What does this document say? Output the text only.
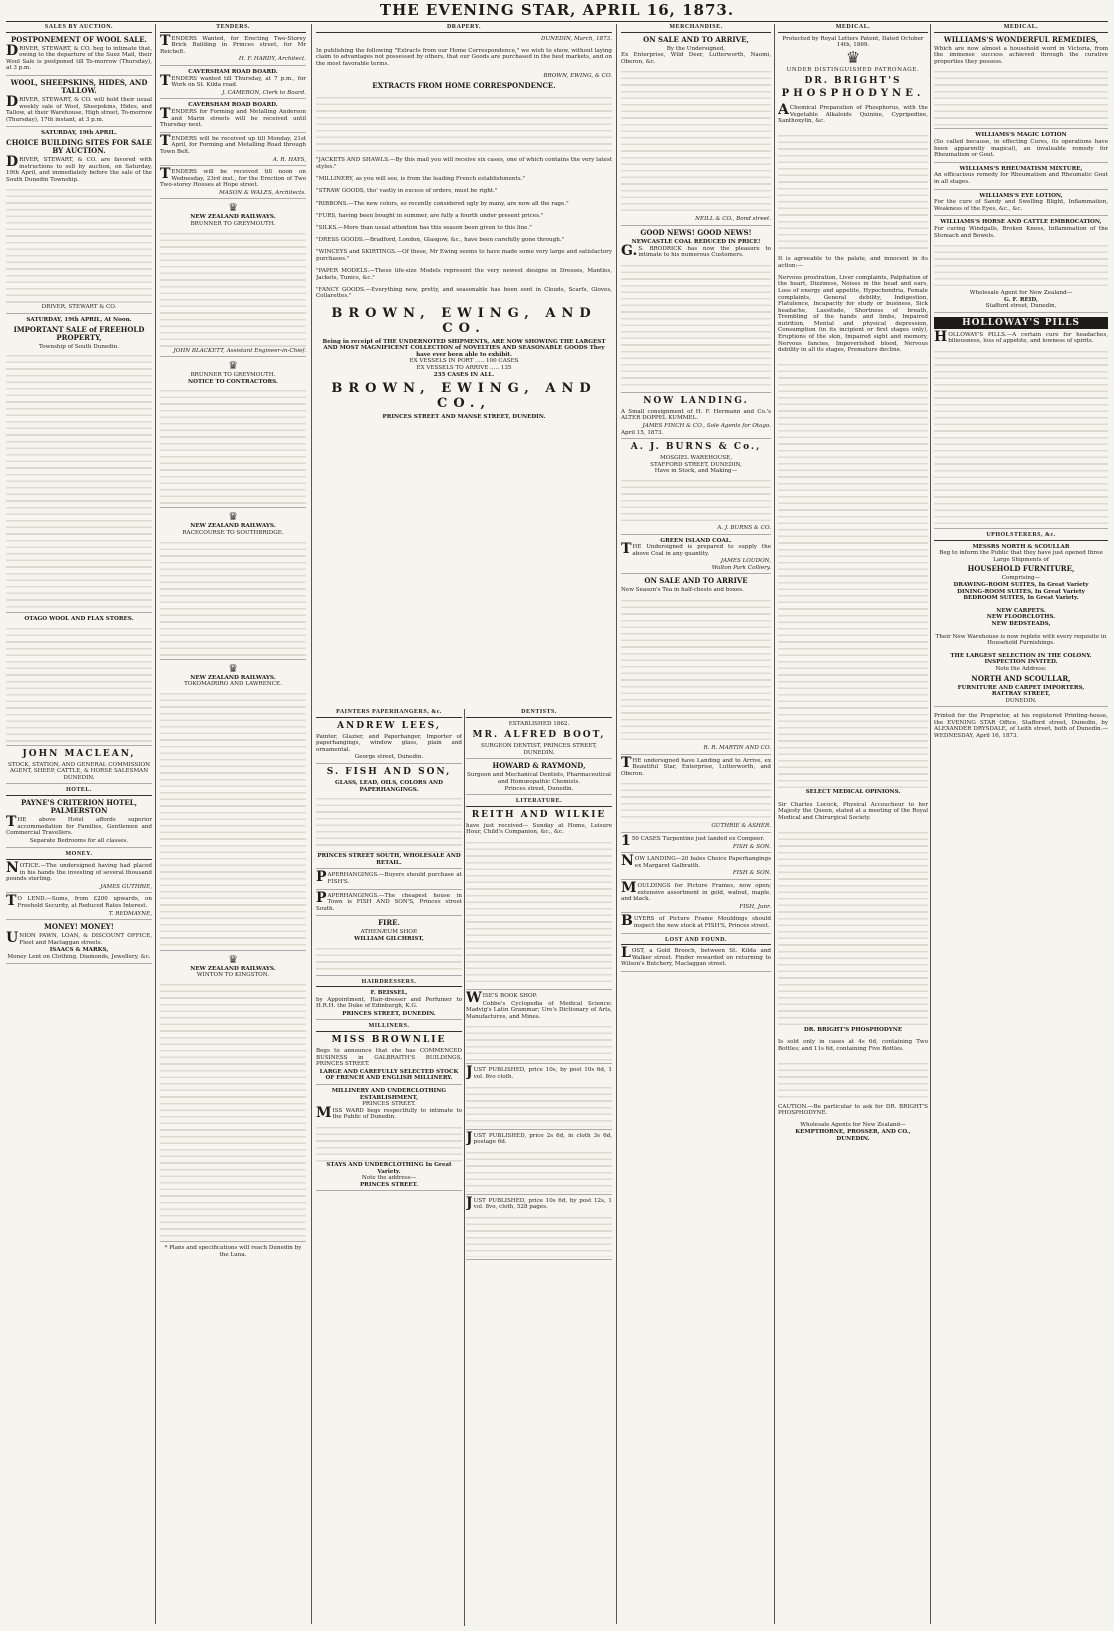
THE EVENING STAR, APRIL 16, 1873.
SALES BY AUCTION.
POSTPONEMENT OF WOOL SALE.

DRIVER, STEWART, & CO. beg to intimate that, owing to the departure of the Suez Mail, their Wool Sale is postponed till To-morrow (Thursday), at 3 p.m.

WOOL, SHEEPSKINS, HIDES, AND TALLOW.

DRIVER, STEWART, & CO. will hold their usual weekly sale of Wool, Sheepskins, Hides, and Tallow, at their Warehouse, High street, To-morrow (Thursday), 17th instant, at 3 p.m.

SATURDAY, 19th APRIL.
CHOICE BUILDING SITES FOR SALE BY AUCTION.

DRIVER, STEWART, & CO. are favored with instructions to sell by auction, on Saturday, 19th April, and immediately before the sale of the South Dunedin Township.

DRIVER, STEWART & CO.
SATURDAY, 19th APRIL, At Noon.
IMPORTANT SALE of FREEHOLD PROPERTY,
Township of South Dunedin.
OTAGO WOOL AND FLAX STORES.
JOHN MACLEAN,
STOCK, STATION, AND GENERAL COMMISSION AGENT, SHEEP, CATTLE, & HORSE SALESMAN
DUNEDIN.
HOTEL.
PAYNE'S CRITERION HOTEL, PALMERSTON

THE above Hotel affords superior accommodation for Families, Gentlemen and Commercial Travellers.

Separate Bedrooms for all classes.

MONEY.

NOTICE.—The undersigned having had placed in his hands the investing of several thousand pounds sterling.

JAMES GUTHRIE,

TO LEND.—Sums, from £200 upwards, on Freehold Security, at Reduced Rates Interest.

T. REDMAYNE,
MONEY! MONEY!

UNION PAWN, LOAN, & DISCOUNT OFFICE, Fleet and Maclaggan streets.

ISAACS & MARKS,
Money Lent on Clothing, Diamonds, Jewellery, &c.
TENDERS.

TENDERS Wanted, for Erecting Two-Storey Brick Building in Princes street, for Mr Reichelt.

H. F. HARDY, Architect.
CAVERSHAM ROAD BOARD.

TENDERS wanted till Thursday, at 7 p.m., for Work on St. Kilda road.

J. CAMERON, Clerk to Board.
CAVERSHAM ROAD BOARD.

TENDERS for Forming and Metalling Anderson and Marin streets will be received until Thursday next.

TENDERS will be received up till Monday, 21st April, for Forming and Metalling Road through Town Belt.

A. R. HAYS,

TENDERS will be received till noon on Wednesday, 23rd inst., for the Erection of Two Two-storey Houses at Hope street.

MASON & WALES, Architects.
♛
NEW ZEALAND RAILWAYS.
BRUNNER TO GREYMOUTH.
JOHN BLACKETT, Assistant Engineer-in-Chief.
♛
BRUNNER TO GREYMOUTH.
NOTICE TO CONTRACTORS.
♛
NEW ZEALAND RAILWAYS.
RACECOURSE TO SOUTHBRIDGE.
♛
NEW ZEALAND RAILWAYS.
TOKOMAIRIRO AND LAWRENCE.
♛
NEW ZEALAND RAILWAYS.
WINTON TO KINGSTON.
* Plans and specifications will reach Dunedin by the Luna.
DRAPERY.
DUNEDIN, March, 1873.

In publishing the following "Extracts from our Home Correspondence," we wish to show, without laying claim to advantages not possessed by others, that our Goods are purchased in the best markets, and on the most favorable terms.

BROWN, EWING, & CO.
EXTRACTS FROM HOME CORRESPONDENCE.

"JACKETS AND SHAWLS.—By this mail you will receive six cases, one of which contains the very latest styles."

"MILLINERY, as you will see, is from the leading French establishments."

"STRAW GOODS, tho' vastly in excess of orders, must be right."

"RIBBONS.—The new colors, so recently considered ugly by many, are now all the rage."

"FURS, having been bought in summer, are fully a fourth under present prices."

"SILKS.—More than usual attention has this season been given to this line."

"DRESS GOODS.—Bradford, London, Glasgow, &c., have been carefully gone through."

"WINCEYS and SKIRTINGS.—Of these, Mr Ewing seems to have made some very large and satisfactory purchases."

"PAPER MODELS.—These life-size Models represent the very newest designs in Dresses, Mantles, Jackets, Tunics, &c."

"FANCY GOODS.—Everything new, pretty, and seasonable has been sent in Clouds, Scarfs, Gloves, Collarettes."

BROWN, EWING, AND CO.
Being in receipt of THE UNDERNOTED SHIPMENTS, ARE NOW SHOWING THE LARGEST AND MOST MAGNIFICENT COLLECTION of NOVELTIES AND SEASONABLE GOODS They have ever been able to exhibit.
EX VESSELS IN PORT ..... 100 CASES
EX VESSELS TO ARRIVE ..... 135
235 CASES IN ALL.
BROWN, EWING, AND CO.,
PRINCES STREET AND MANSE STREET, DUNEDIN.
PAINTERS PAPERHANGERS, &c.
ANDREW LEES,

Painter, Glazier, and Paperhanger, Importer of paperhangings, window glass, plain and ornamental.

George street, Dunedin.
S. FISH AND SON,
GLASS, LEAD, OILS, COLORS AND PAPERHANGINGS.
PRINCES STREET SOUTH, WHOLESALE AND RETAIL.

PAPERHANGINGS.—Buyers should purchase at FISH'S.

PAPERHANGINGS.—The cheapest house in Town is FISH AND SON'S, Princes street South.

FIRE.
ATHENÆUM SHOP.
WILLIAM GILCHRIST,
HAIRDRESSERS.
F. BEISSEL,

by Appointment, Hair-dresser and Perfumer to H.R.H. the Duke of Edinburgh, K.G.

PRINCES STREET, DUNEDIN.
MILLINERS.
MISS BROWNLIE

Begs to announce that she has COMMENCED BUSINESS in GALBRAITH'S BUILDINGS, PRINCES STREET.

LARGE AND CAREFULLY SELECTED STOCK OF FRENCH AND ENGLISH MILLINERY.
MILLINERY AND UNDERCLOTHING ESTABLISHMENT,
PRINCES STREET.

MISS WARD begs respectfully to intimate to the Public of Dunedin.

STAYS AND UNDERCLOTHING In Great Variety.
Note the address—
PRINCES STREET.
DENTISTS.
ESTABLISHED 1862.
MR. ALFRED BOOT,
SURGEON DENTIST, PRINCES STREET, DUNEDIN.
HOWARD & RAYMOND,
Surgeon and Mechanical Dentists, Pharmaceutical and Homœopathic Chemists.
Princes street, Dunedin.
LITERATURE.
REITH AND WILKIE

have just received— Sunday at Home, Leisure Hour, Child's Companion, &c., &c.

WISE'S BOOK SHOP.

Cobbe's Cyclopedia of Medical Science; Madvig's Latin Grammar; Ure's Dictionary of Arts, Manufactures, and Mines.

JUST PUBLISHED, price 10s, by post 10s 6d, 1 vol. 8vo cloth.

JUST PUBLISHED, price 2s 6d, in cloth 3s 6d, postage 6d.

JUST PUBLISHED, price 10s 6d, by post 12s, 1 vol. 8vo, cloth, 528 pages.

MERCHANDISE.
ON SALE AND TO ARRIVE,
By the Undersigned,

Ex Enterprise, Wild Deer, Lutterworth, Naomi, Oberon, &c.

NEILL & CO., Bond street.
GOOD NEWS! GOOD NEWS!
NEWCASTLE COAL REDUCED IN PRICE!

G.S. BRODRICK has now the pleasure to intimate to his numerous Customers.

NOW LANDING.

A Small consignment of H. F. Hermann and Co.'s ALTER DOPPEL KUMMEL.

JAMES FINCH & CO., Sole Agents for Otago.
April 15, 1873.
A. J. BURNS & Co.,
MOSGIEL WAREHOUSE,
STAFFORD STREET, DUNEDIN,
Have in Stock, and Making—
A. J. BURNS & CO.
GREEN ISLAND COAL.

THE Undersigned is prepared to supply the above Coal in any quantity.

JAMES LOUDON,
Walton Park Colliery.
ON SALE AND TO ARRIVE

New Season's Tea in half-chests and boxes.

R. R. MARTIN AND CO.

THE undersigned have Landing and to Arrive, ex Beautiful Star, Enterprise, Lutterworth, and Oberon.

GUTHRIE & ASHER.

150 CASES Turpentine just landed ex Compeer.

FISH & SON.

NOW LANDING—20 bales Choice Paperhangings ex Margaret Galbraith.

FISH & SON.

MOULDINGS for Picture Frames, now open; extensive assortment in gold, walnut, maple, and black.

FISH, Junr.

BUYERS of Picture Frame Mouldings should inspect the new stock at FISH'S, Princes street.

LOST AND FOUND.

LOST, a Gold Brooch, between St. Kilda and Walker street. Finder rewarded on returning to Wilson's Butchery, Maclaggan street.

MEDICAL.
Protected by Royal Letters Patent, Dated October 14th, 1869.
♛
UNDER DISTINGUISHED PATRONAGE.
DR. BRIGHT'S
PHOSPHODYNE.

AChemical Preparation of Phosphorus, with the Vegetable Alkaloids Quinine, Cypripedine, Xanthoxylin, &c.

It is agreeable to the palate, and innocent in its action:—

Nervous prostration, Liver complaints, Palpitation of the heart, Dizziness, Noises in the head and ears, Loss of energy and appetite, Hypochondria, Female complaints, General debility, Indigestion, Flatulence, Incapacity for study or business, Sick headache, Lassitude, Shortness of breath, Trembling of the hands and limbs, Impaired nutrition, Mental and physical depression, Consumption (in its incipient or first stages only), Eruptions of the skin, Impaired sight and memory, Nervous fancies, Impoverished blood, Nervous debility in all its stages, Premature decline.

SELECT MEDICAL OPINIONS.

Sir Charles Locock, Physical Accoucheur to her Majesty the Queen, stated at a meeting of the Royal Medical and Chirurgical Society.

DR. BRIGHT'S PHOSPHODYNE

Is sold only in cases at 4s 6d, containing Two Bottles; and 11s 6d, containing Five Bottles.

CAUTION.—Be particular to ask for DR. BRIGHT'S PHOSPHODYNE.

Wholesale Agents for New Zealand—
KEMPTHORNE, PROSSER, AND CO.,
DUNEDIN.
MEDICAL.
WILLIAMS'S WONDERFUL REMEDIES,

Which are now almost a household word in Victoria, from the immense success achieved through the curative properties they possess.

WILLIAMS'S MAGIC LOTION

(So called because, in effecting Cures, its operations have been apparently magical), an invaluable remedy for Rheumatism or Gout.

WILLIAMS'S RHEUMATISM MIXTURE,

An efficacious remedy for Rheumatism and Rheumatic Gout in all stages.

WILLIAMS'S EYE LOTION,

For the cure of Sandy and Swelling Blight, Inflammation, Weakness of the Eyes, &c., &c.

WILLIAMS'S HORSE AND CATTLE EMBROCATION,

For curing Windgalls, Broken Knees, Inflammation of the Stomach and Bowels.

Wholesale Agent for New Zealand—
G. F. REID,
Stafford street, Dunedin,
HOLLOWAY'S PILLS

HOLLOWAY'S PILLS.—A certain cure for headaches, biliousness, loss of appetite, and lowness of spirits.

UPHOLSTERERS, &c.
MESSRS NORTH & SCOULLAR

Beg to inform the Public that they have just opened three Large Shipments of

HOUSEHOLD FURNITURE,
Comprising—
DRAWING-ROOM SUITES, In Great Variety
DINING-ROOM SUITES, In Great Variety
BEDROOM SUITES, In Great Variety.
NEW CARPETS.
NEW FLOORCLOTHS.
NEW BEDSTEADS,

Their New Warehouse is now replete with every requisite in Household Furnishings.

THE LARGEST SELECTION IN THE COLONY.
INSPECTION INVITED.
Note the Address:
NORTH AND SCOULLAR,
FURNITURE AND CARPET IMPORTERS,
RATTRAY STREET,
DUNEDIN.

Printed for the Proprietor, at his registered Printing-house, the EVENING STAR Office, Stafford street, Dunedin, by ALEXANDER DRYSDALE, of Leith street, both of Dunedin.—WEDNESDAY, April 16, 1873.
